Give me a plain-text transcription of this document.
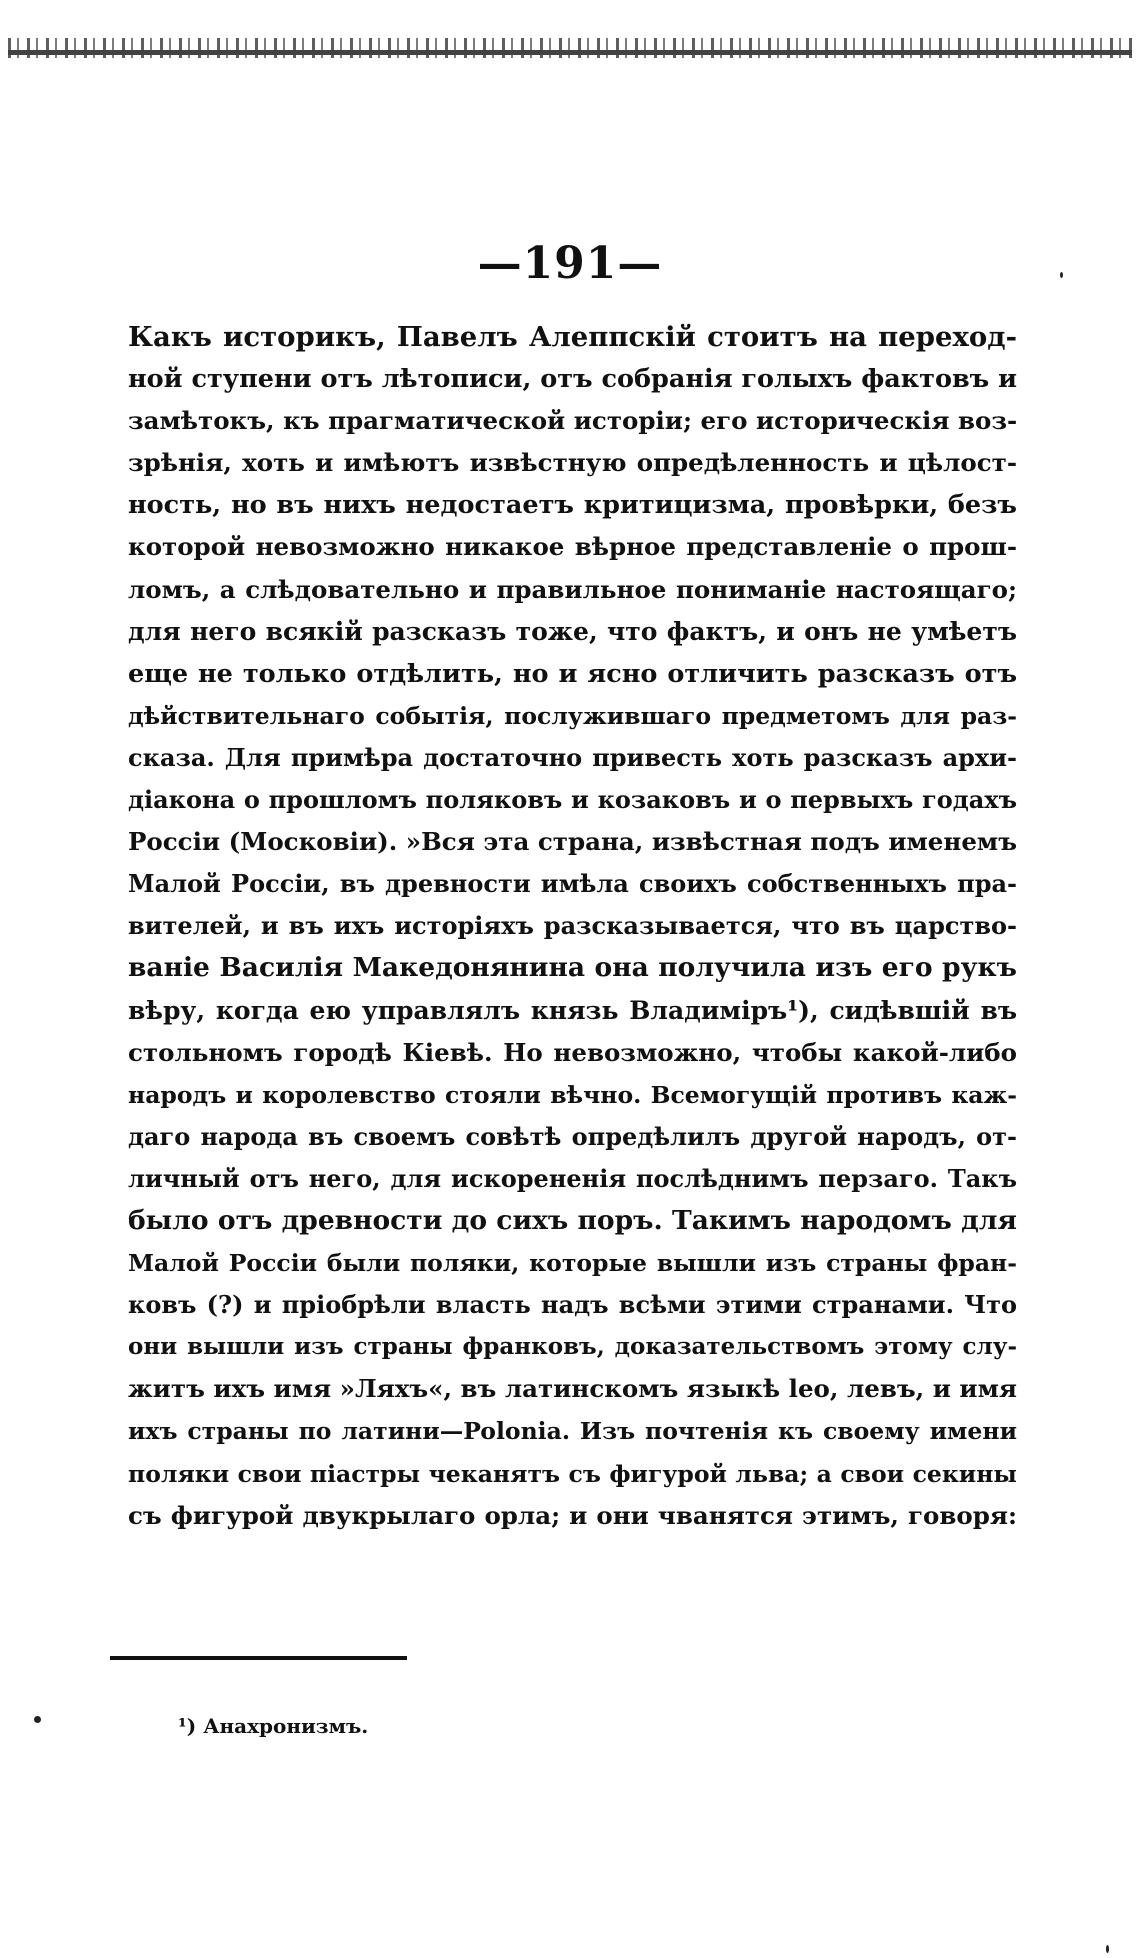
—191—
Какъ историкъ, Павелъ Алеппскій стоитъ на переход-
ной ступени отъ лѣтописи, отъ собранія голыхъ фактовъ и
замѣтокъ, къ прагматической исторіи; его историческія воз-
зрѣнія, хоть и имѣютъ извѣстную опредѣленность и цѣлост-
ность, но въ нихъ недостаетъ критицизма, провѣрки, безъ
которой невозможно никакое вѣрное представленіе о прош-
ломъ, а слѣдовательно и правильное пониманіе настоящаго;
для него всякій разсказъ тоже, что фактъ, и онъ не умѣетъ
еще не только отдѣлить, но и ясно отличить разсказъ отъ
дѣйствительнаго событія, послужившаго предметомъ для раз-
сказа. Для примѣра достаточно привесть хоть разсказъ архи-
діакона о прошломъ поляковъ и козаковъ и о первыхъ годахъ
Россіи (Московіи). »Вся эта страна, извѣстная подъ именемъ
Малой Россіи, въ древности имѣла своихъ собственныхъ пра-
вителей, и въ ихъ исторіяхъ разсказывается, что въ царство-
ваніе Василія Македонянина она получила изъ его рукъ
вѣру, когда ею управлялъ князь Владиміръ¹), сидѣвшій въ
стольномъ городѣ Кіевѣ. Но невозможно, чтобы какой-либо
народъ и королевство стояли вѣчно. Всемогущій противъ каж-
даго народа въ своемъ совѣтѣ опредѣлилъ другой народъ, от-
личный отъ него, для искорененія послѣднимъ перзаго. Такъ
было отъ древности до сихъ поръ. Такимъ народомъ для
Малой Россіи были поляки, которые вышли изъ страны фран-
ковъ (?) и пріобрѣли власть надъ всѣми этими странами. Что
они вышли изъ страны франковъ, доказательствомъ этому слу-
житъ ихъ имя »Ляхъ«, въ латинскомъ языкѣ leo, левъ, и имя
ихъ страны по латини—Polonia. Изъ почтенія къ своему имени
поляки свои піастры чеканятъ съ фигурой льва; а свои секины
съ фигурой двукрылаго орла; и они чванятся этимъ, говоря:
¹) Анахронизмъ.
